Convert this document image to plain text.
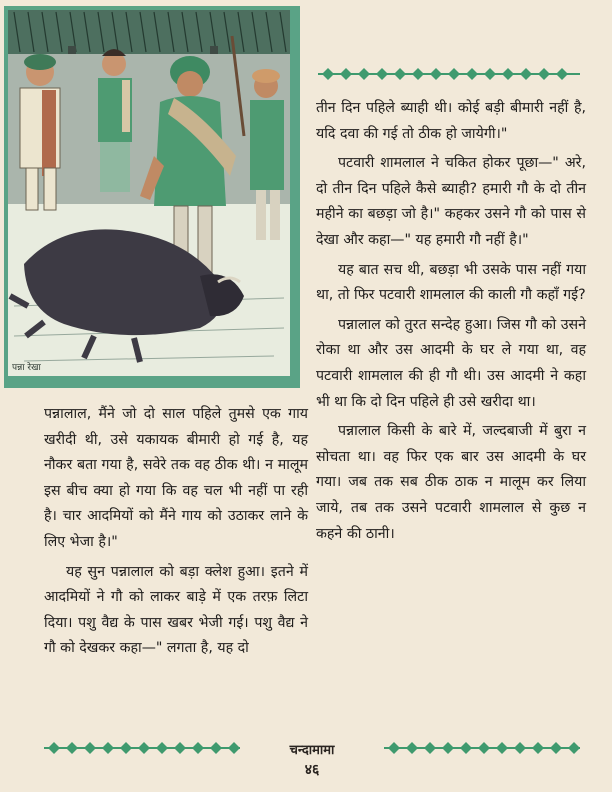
पन्ना रेखा

तीन दिन पहिले ब्याही थी। कोई बड़ी बीमारी नहीं है, यदि दवा की गई तो ठीक हो जायेगी।"

पटवारी शामलाल ने चकित होकर पूछा—" अरे, दो तीन दिन पहिले कैसे ब्याही? हमारी गौ के दो तीन महीने का बछड़ा जो है।" कहकर उसने गौ को पास से देखा और कहा—" यह हमारी गौ नहीं है।"

यह बात सच थी, बछड़ा भी उसके पास नहीं गया था, तो फिर पटवारी शामलाल की काली गौ कहाँ गई?

पन्नालाल को तुरत सन्देह हुआ। जिस गौ को उसने रोका था और उस आदमी के घर ले गया था, वह पटवारी शामलाल की ही गौ थी। उस आदमी ने कहा भी था कि दो दिन पहिले ही उसे खरीदा था।

पन्नालाल किसी के बारे में, जल्दबाजी में बुरा न सोचता था। वह फिर एक बार उस आदमी के घर गया। जब तक सब ठीक ठाक न मालूम कर लिया जाये, तब तक उसने पटवारी शामलाल से कुछ न कहने की ठानी।

पन्नालाल, मैंने जो दो साल पहिले तुमसे एक गाय खरीदी थी, उसे यकायक बीमारी हो गई है, यह नौकर बता गया है, सवेरे तक वह ठीक थी। न मालूम इस बीच क्या हो गया कि वह चल भी नहीं पा रही है। चार आदमियों को मैंने गाय को उठाकर लाने के लिए भेजा है।"

यह सुन पन्नालाल को बड़ा क्लेश हुआ। इतने में आदमियों ने गौ को लाकर बाड़े में एक तरफ़ लिटा दिया। पशु वैद्य के पास खबर भेजी गई। पशु वैद्य ने गौ को देखकर कहा—" लगता है, यह दो

चन्दामामा
४६
